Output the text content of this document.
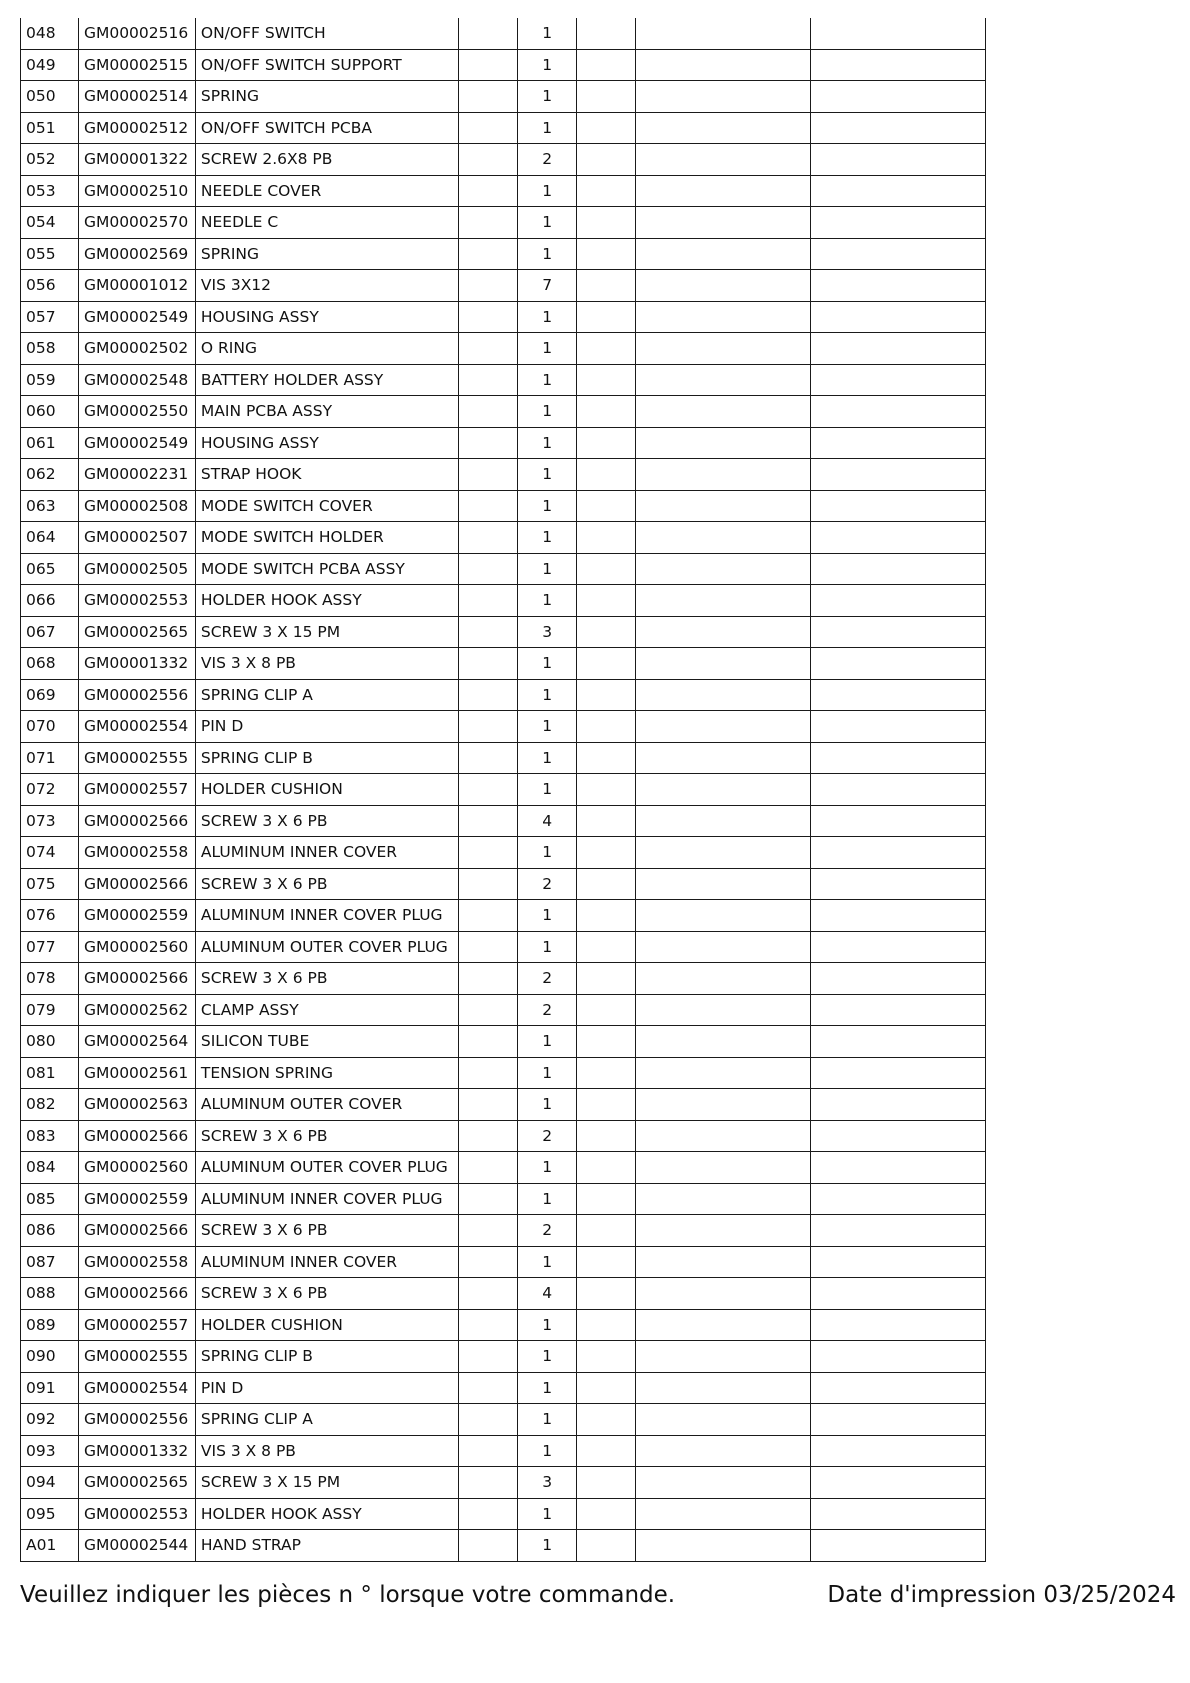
048	GM00002516	ON/OFF SWITCH		1			
049	GM00002515	ON/OFF SWITCH SUPPORT		1			
050	GM00002514	SPRING		1			
051	GM00002512	ON/OFF SWITCH PCBA		1			
052	GM00001322	SCREW 2.6X8 PB		2			
053	GM00002510	NEEDLE COVER		1			
054	GM00002570	NEEDLE C		1			
055	GM00002569	SPRING		1			
056	GM00001012	VIS 3X12		7			
057	GM00002549	HOUSING ASSY		1			
058	GM00002502	O RING		1			
059	GM00002548	BATTERY HOLDER ASSY		1			
060	GM00002550	MAIN PCBA ASSY		1			
061	GM00002549	HOUSING ASSY		1			
062	GM00002231	STRAP HOOK		1			
063	GM00002508	MODE SWITCH COVER		1			
064	GM00002507	MODE SWITCH HOLDER		1			
065	GM00002505	MODE SWITCH PCBA ASSY		1			
066	GM00002553	HOLDER HOOK ASSY		1			
067	GM00002565	SCREW 3 X 15 PM		3			
068	GM00001332	VIS 3 X 8 PB		1			
069	GM00002556	SPRING CLIP A		1			
070	GM00002554	PIN D		1			
071	GM00002555	SPRING CLIP B		1			
072	GM00002557	HOLDER CUSHION		1			
073	GM00002566	SCREW 3 X 6 PB		4			
074	GM00002558	ALUMINUM INNER COVER		1			
075	GM00002566	SCREW 3 X 6 PB		2			
076	GM00002559	ALUMINUM INNER COVER PLUG		1			
077	GM00002560	ALUMINUM OUTER COVER PLUG		1			
078	GM00002566	SCREW 3 X 6 PB		2			
079	GM00002562	CLAMP ASSY		2			
080	GM00002564	SILICON TUBE		1			
081	GM00002561	TENSION SPRING		1			
082	GM00002563	ALUMINUM OUTER COVER		1			
083	GM00002566	SCREW 3 X 6 PB		2			
084	GM00002560	ALUMINUM OUTER COVER PLUG		1			
085	GM00002559	ALUMINUM INNER COVER PLUG		1			
086	GM00002566	SCREW 3 X 6 PB		2			
087	GM00002558	ALUMINUM INNER COVER		1			
088	GM00002566	SCREW 3 X 6 PB		4			
089	GM00002557	HOLDER CUSHION		1			
090	GM00002555	SPRING CLIP B		1			
091	GM00002554	PIN D		1			
092	GM00002556	SPRING CLIP A		1			
093	GM00001332	VIS 3 X 8 PB		1			
094	GM00002565	SCREW 3 X 15 PM		3			
095	GM00002553	HOLDER HOOK ASSY		1			
A01	GM00002544	HAND STRAP		1			
Veuillez indiquer les pièces n ° lorsque votre commande.	Date d'impression 03/25/2024
